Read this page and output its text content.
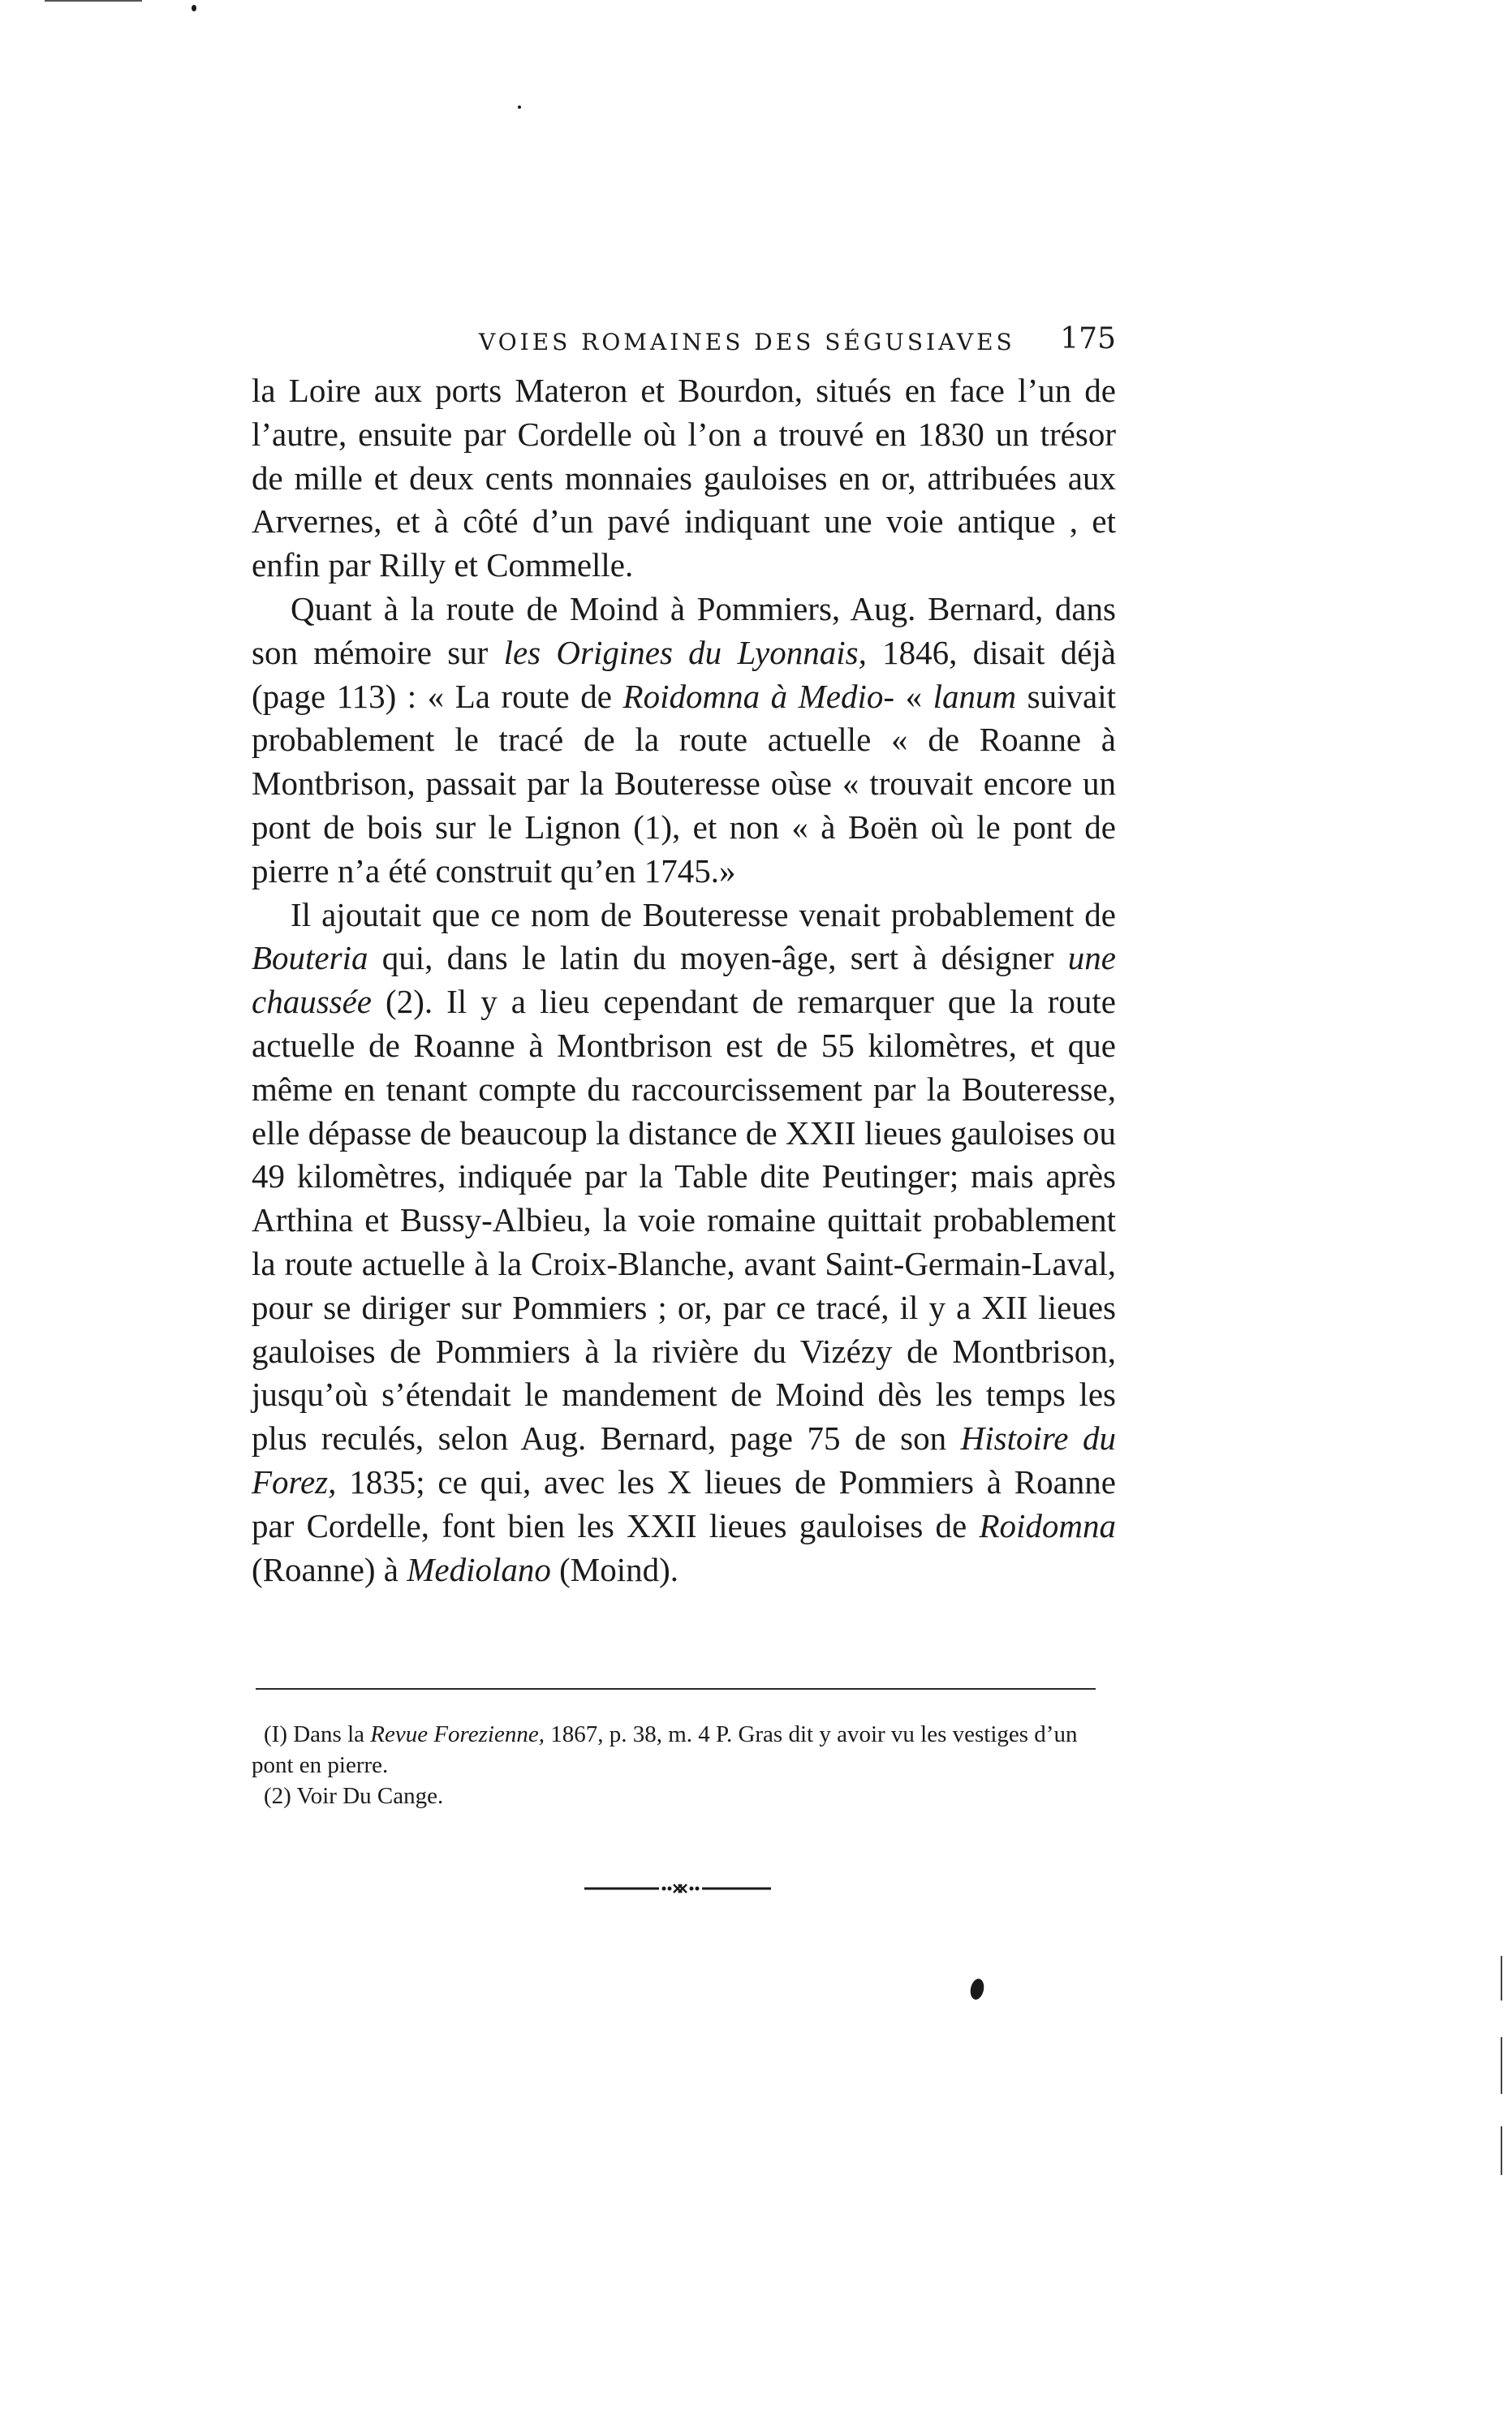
VOIES ROMAINES DES SÉGUSIAVES 175

la Loire aux ports Materon et Bourdon, situés en face l’un de l’autre, ensuite par Cordelle où l’on a trouvé en 1830 un trésor de mille et deux cents monnaies gauloises en or, attribuées aux Arvernes, et à côté d’un pavé indiquant une voie antique , et enfin par Rilly et Commelle.

Quant à la route de Moind à Pommiers, Aug. Bernard, dans son mémoire sur les Origines du Lyonnais, 1846, disait déjà (page 113) : « La route de Roidomna à Medio- « lanum suivait probablement le tracé de la route actuelle « de Roanne à Montbrison, passait par la Bouteresse oùse « trouvait encore un pont de bois sur le Lignon (1), et non « à Boën où le pont de pierre n’a été construit qu’en 1745.»

Il ajoutait que ce nom de Bouteresse venait probablement de Bouteria qui, dans le latin du moyen-âge, sert à désigner une chaussée (2). Il y a lieu cependant de remarquer que la route actuelle de Roanne à Montbrison est de 55 kilomètres, et que même en tenant compte du raccourcissement par la Bouteresse, elle dépasse de beaucoup la distance de XXII lieues gauloises ou 49 kilomètres, indiquée par la Table dite Peutinger; mais après Arthina et Bussy-Albieu, la voie romaine quittait probablement la route actuelle à la Croix-Blanche, avant Saint-Germain-Laval, pour se diriger sur Pommiers ; or, par ce tracé, il y a XII lieues gauloises de Pommiers à la rivière du Vizézy de Montbrison, jusqu’où s’étendait le mandement de Moind dès les temps les plus reculés, selon Aug. Bernard, page 75 de son Histoire du Forez, 1835; ce qui, avec les X lieues de Pommiers à Roanne par Cordelle, font bien les XXII lieues gauloises de Roidomna (Roanne) à Mediolano (Moind).

(I) Dans la Revue Forezienne, 1867, p. 38, m. 4 P. Gras dit y avoir vu les vestiges d’un pont en pierre.

(2) Voir Du Cange.
